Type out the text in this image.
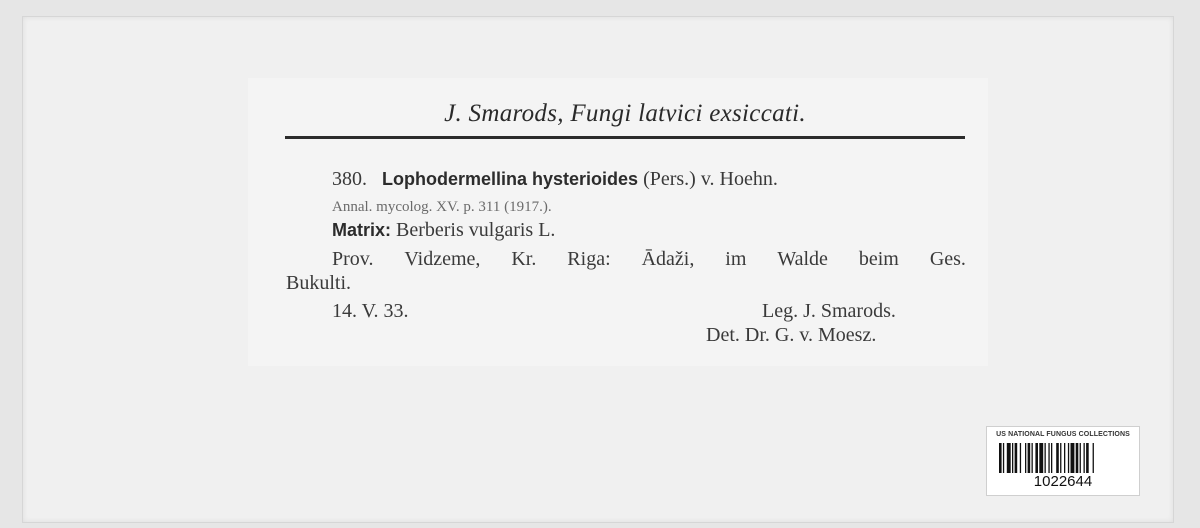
J. Smarods, Fungi latvici exsiccati.
380. Lophodermellina hysterioides (Pers.) v. Hoehn.
Annal. mycolog. XV. p. 311 (1917.).
Matrix: Berberis vulgaris L.
Prov. Vidzeme, Kr. Riga: Ādaži, im Walde beim Ges.
Bukulti.
14. V. 33.	Leg. J. Smarods.
Det. Dr. G. v. Moesz.
US NATIONAL FUNGUS COLLECTIONS
1022644
